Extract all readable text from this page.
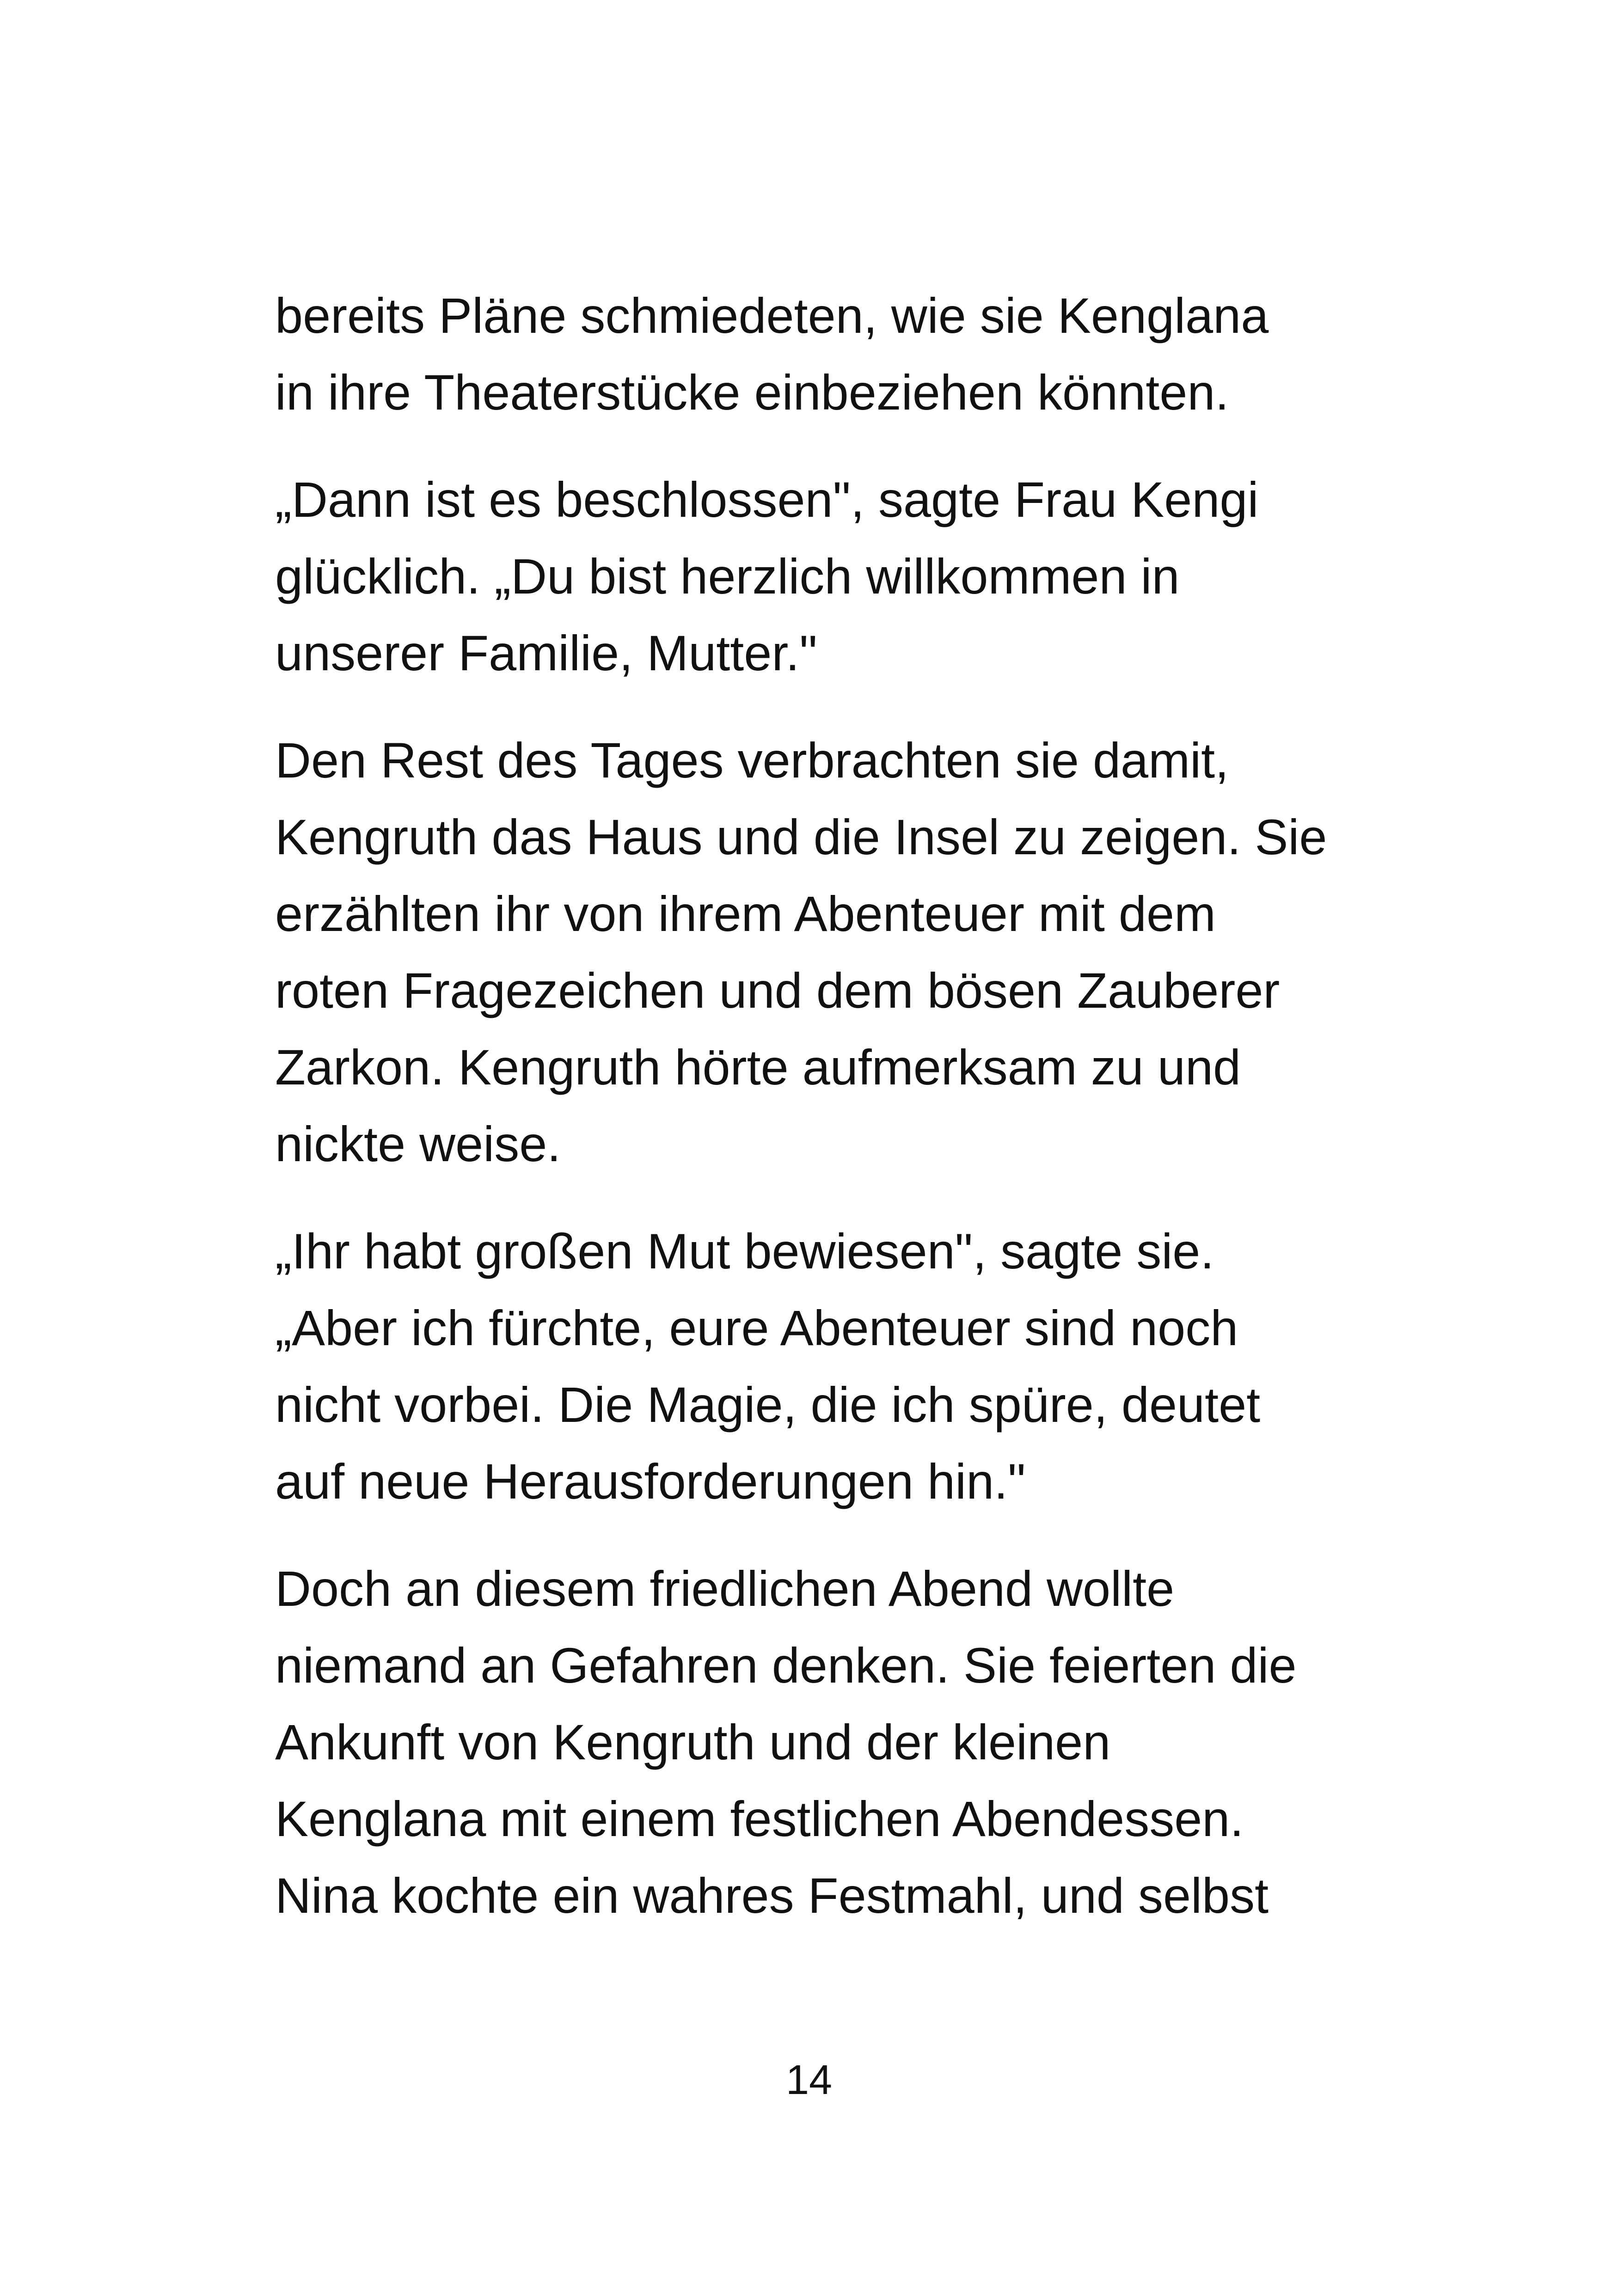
bereits Pläne schmiedeten, wie sie Kenglana
in ihre Theaterstücke einbeziehen könnten.

„Dann ist es beschlossen", sagte Frau Kengi
glücklich. „Du bist herzlich willkommen in
unserer Familie, Mutter."

Den Rest des Tages verbrachten sie damit,
Kengruth das Haus und die Insel zu zeigen. Sie
erzählten ihr von ihrem Abenteuer mit dem
roten Fragezeichen und dem bösen Zauberer
Zarkon. Kengruth hörte aufmerksam zu und
nickte weise.

„Ihr habt großen Mut bewiesen", sagte sie.
„Aber ich fürchte, eure Abenteuer sind noch
nicht vorbei. Die Magie, die ich spüre, deutet
auf neue Herausforderungen hin."

Doch an diesem friedlichen Abend wollte
niemand an Gefahren denken. Sie feierten die
Ankunft von Kengruth und der kleinen
Kenglana mit einem festlichen Abendessen.
Nina kochte ein wahres Festmahl, und selbst

14
